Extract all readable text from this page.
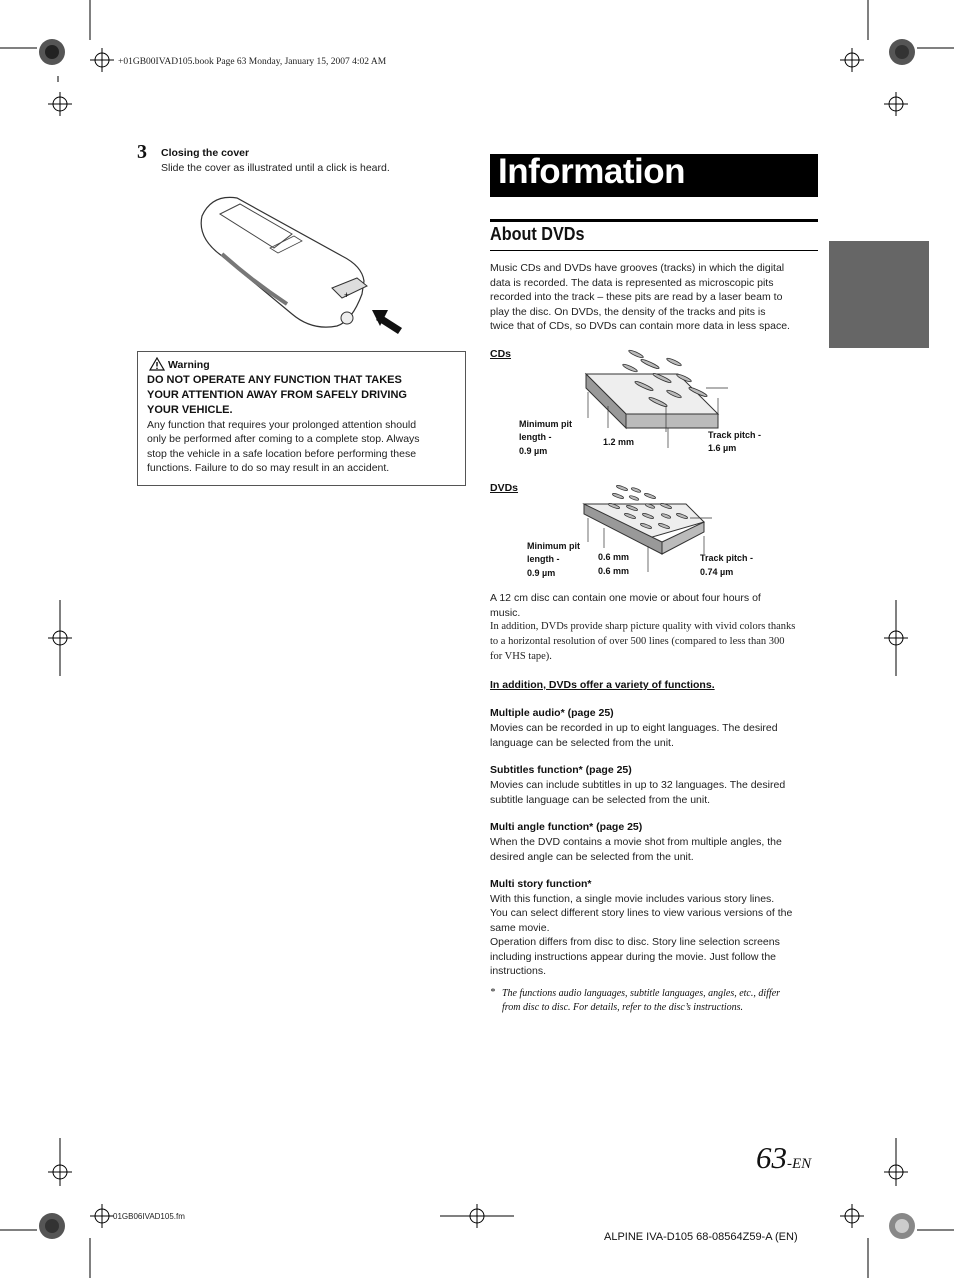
+01GB00IVAD105.book Page 63 Monday, January 15, 2007 4:02 AM
3 Closing the cover
Slide the cover as illustrated until a click is heard.
+
Warning
DO NOT OPERATE ANY FUNCTION THAT TAKES
YOUR ATTENTION AWAY FROM SAFELY DRIVING
YOUR VEHICLE.
Any function that requires your prolonged attention should
only be performed after coming to a complete stop. Always
stop the vehicle in a safe location before performing these
functions. Failure to do so may result in an accident.
Information
About DVDs
Music CDs and DVDs have grooves (tracks) in which the digital
data is recorded. The data is represented as microscopic pits
recorded into the track – these pits are read by a laser beam to
play the disc. On DVDs, the density of the tracks and pits is
twice that of CDs, so DVDs can contain more data in less space.
CDs
Minimum pit
length -
0.9 µm
1.2 mm
Track pitch -
1.6 µm
DVDs
Minimum pit
length -
0.9 µm
0.6 mm
0.6 mm
Track pitch -
0.74 µm
A 12 cm disc can contain one movie or about four hours of
music.
In addition, DVDs provide sharp picture quality with vivid colors thanks
to a horizontal resolution of over 500 lines (compared to less than 300
for VHS tape).
In addition, DVDs offer a variety of functions.
Multiple audio* (page 25)
Movies can be recorded in up to eight languages. The desired
language can be selected from the unit.
Subtitles function* (page 25)
Movies can include subtitles in up to 32 languages. The desired
subtitle language can be selected from the unit.
Multi angle function* (page 25)
When the DVD contains a movie shot from multiple angles, the
desired angle can be selected from the unit.
Multi story function*
With this function, a single movie includes various story lines.
You can select different story lines to view various versions of the
same movie.
Operation differs from disc to disc. Story line selection screens
including instructions appear during the movie. Just follow the
instructions.
* The functions audio languages, subtitle languages, angles, etc., differ
from disc to disc. For details, refer to the disc’s instructions.
63-EN
01GB06IVAD105.fm
ALPINE IVA-D105 68-08564Z59-A (EN)
